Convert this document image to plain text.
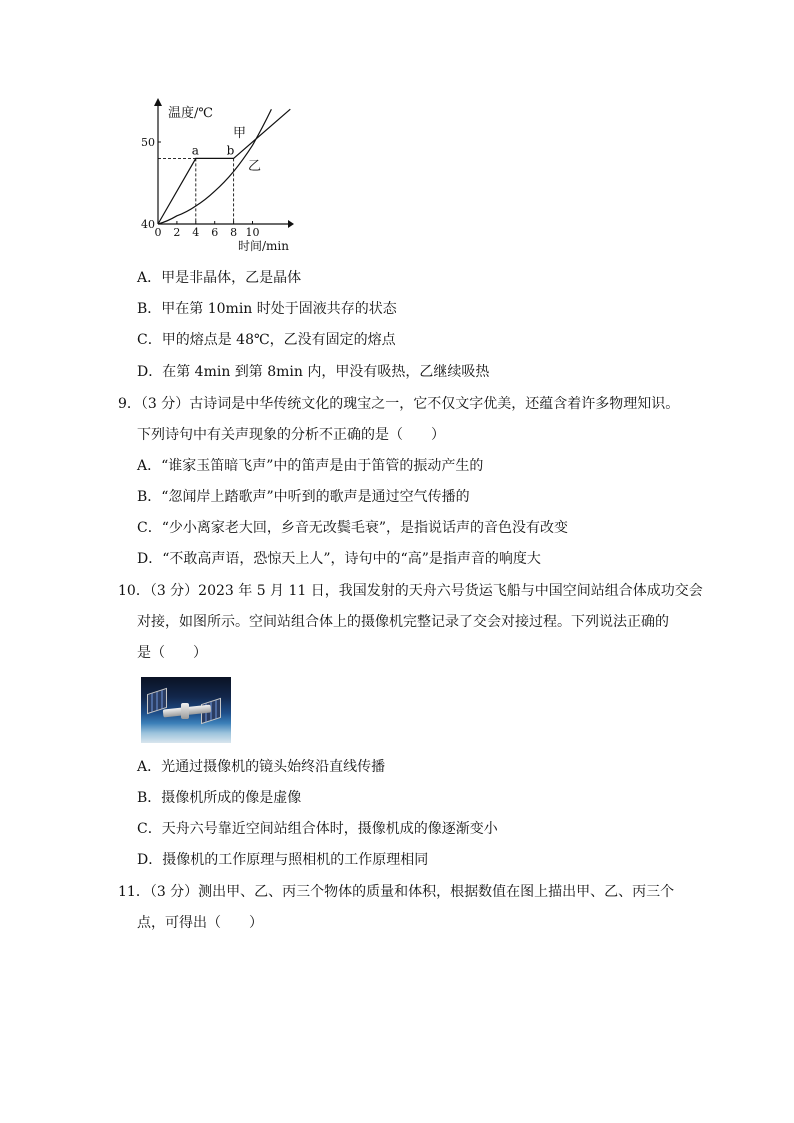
0 2 4 6 8 10
40
50
温度/℃
时间/min
甲
乙
a b
A．甲是非晶体，乙是晶体
B．甲在第 10min 时处于固液共存的状态
C．甲的熔点是 48℃，乙没有固定的熔点
D．在第 4min 到第 8min 内，甲没有吸热，乙继续吸热
9．（3 分）古诗词是中华传统文化的瑰宝之一，它不仅文字优美，还蕴含着许多物理知识。
下列诗句中有关声现象的分析不正确的是（　　）
A．“谁家玉笛暗飞声”中的笛声是由于笛管的振动产生的
B．“忽闻岸上踏歌声”中听到的歌声是通过空气传播的
C．“少小离家老大回，乡音无改鬓毛衰”，是指说话声的音色没有改变
D．“不敢高声语，恐惊天上人”，诗句中的“高”是指声音的响度大
10．（3 分）2023 年 5 月 11 日，我国发射的天舟六号货运飞船与中国空间站组合体成功交会
对接，如图所示。空间站组合体上的摄像机完整记录了交会对接过程。下列说法正确的
是（　　）
A．光通过摄像机的镜头始终沿直线传播
B．摄像机所成的像是虚像
C．天舟六号靠近空间站组合体时，摄像机成的像逐渐变小
D．摄像机的工作原理与照相机的工作原理相同
11．（3 分）测出甲、乙、丙三个物体的质量和体积，根据数值在图上描出甲、乙、丙三个
点，可得出（　　）
